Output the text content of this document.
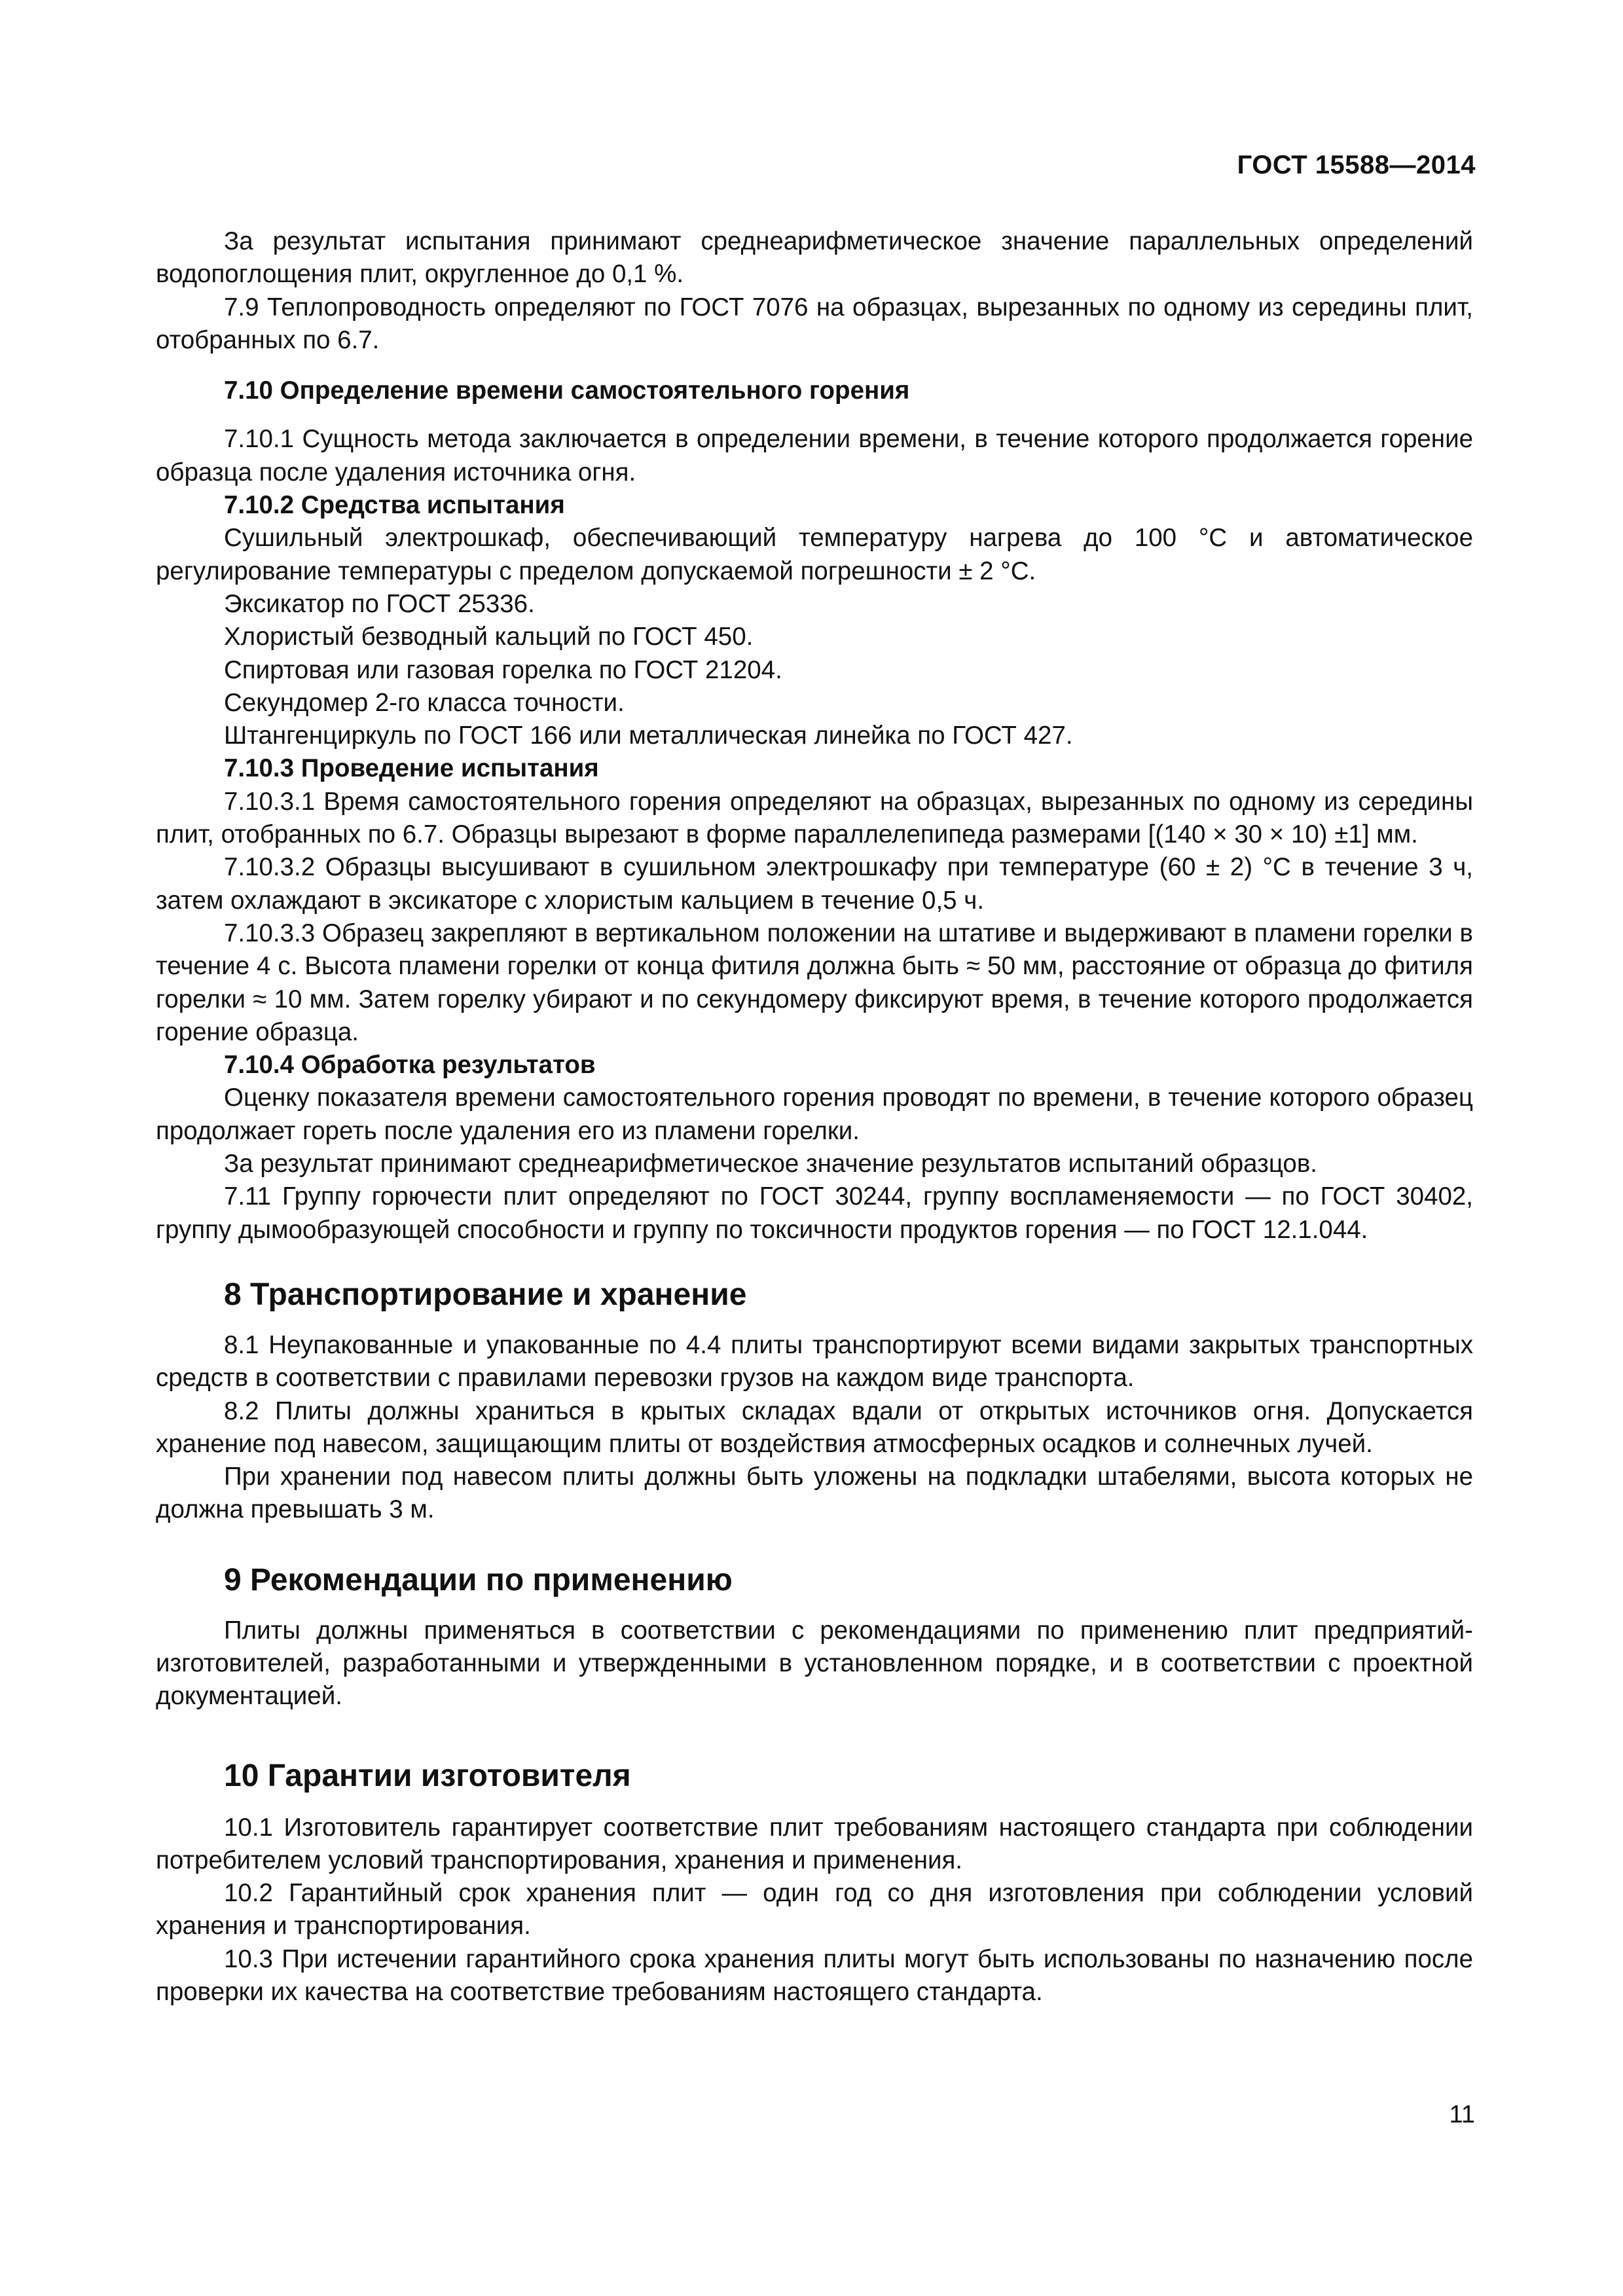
ГОСТ 15588—2014

За результат испытания принимают среднеарифметическое значение параллельных определений водопоглощения плит, округленное до 0,1 %.

7.9 Теплопроводность определяют по ГОСТ 7076 на образцах, вырезанных по одному из середины плит, отобранных по 6.7.

7.10 Определение времени самостоятельного горения

7.10.1 Сущность метода заключается в определении времени, в течение которого продолжается горение образца после удаления источника огня.

7.10.2 Средства испытания

Сушильный электрошкаф, обеспечивающий температуру нагрева до 100 °С и автоматическое регулирование температуры с пределом допускаемой погрешности ± 2 °С.

Эксикатор по ГОСТ 25336.

Хлористый безводный кальций по ГОСТ 450.

Спиртовая или газовая горелка по ГОСТ 21204.

Секундомер 2-го класса точности.

Штангенциркуль по ГОСТ 166 или металлическая линейка по ГОСТ 427.

7.10.3 Проведение испытания

7.10.3.1 Время самостоятельного горения определяют на образцах, вырезанных по одному из середины плит, отобранных по 6.7. Образцы вырезают в форме параллелепипеда размерами [(140 × 30 × 10) ±1] мм.

7.10.3.2 Образцы высушивают в сушильном электрошкафу при температуре (60 ± 2) °С в течение 3 ч, затем охлаждают в эксикаторе с хлористым кальцием в течение 0,5 ч.

7.10.3.3 Образец закрепляют в вертикальном положении на штативе и выдерживают в пламени горелки в течение 4 с. Высота пламени горелки от конца фитиля должна быть ≈ 50 мм, расстояние от образца до фитиля горелки ≈ 10 мм. Затем горелку убирают и по секундомеру фиксируют время, в течение которого продолжается горение образца.

7.10.4 Обработка результатов

Оценку показателя времени самостоятельного горения проводят по времени, в течение которого образец продолжает гореть после удаления его из пламени горелки.

За результат принимают среднеарифметическое значение результатов испытаний образцов.

7.11 Группу горючести плит определяют по ГОСТ 30244, группу воспламеняемости — по ГОСТ 30402, группу дымообразующей способности и группу по токсичности продуктов горения — по ГОСТ 12.1.044.

8 Транспортирование и хранение

8.1 Неупакованные и упакованные по 4.4 плиты транспортируют всеми видами закрытых транспортных средств в соответствии с правилами перевозки грузов на каждом виде транспорта.

8.2 Плиты должны храниться в крытых складах вдали от открытых источников огня. Допускается хранение под навесом, защищающим плиты от воздействия атмосферных осадков и солнечных лучей.

При хранении под навесом плиты должны быть уложены на подкладки штабелями, высота которых не должна превышать 3 м.

9 Рекомендации по применению

Плиты должны применяться в соответствии с рекомендациями по применению плит предприятий-изготовителей, разработанными и утвержденными в установленном порядке, и в соответствии с проектной документацией.

10 Гарантии изготовителя

10.1 Изготовитель гарантирует соответствие плит требованиям настоящего стандарта при соблюдении потребителем условий транспортирования, хранения и применения.

10.2 Гарантийный срок хранения плит — один год со дня изготовления при соблюдении условий хранения и транспортирования.

10.3 При истечении гарантийного срока хранения плиты могут быть использованы по назначению после проверки их качества на соответствие требованиям настоящего стандарта.

11
